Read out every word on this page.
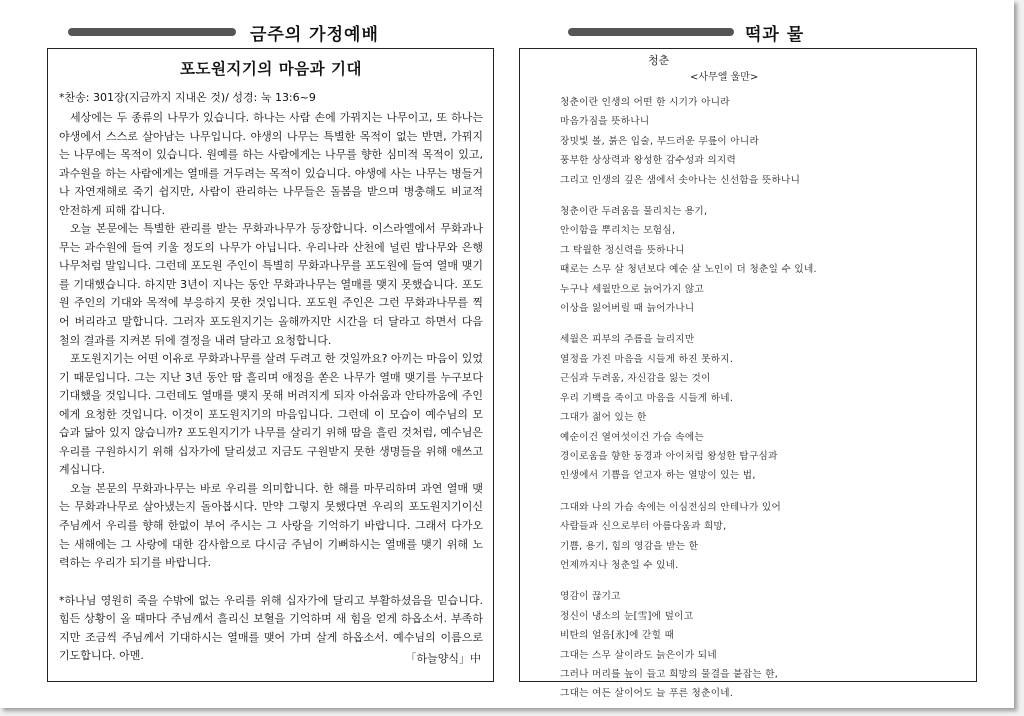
금주의 가정예배	떡과 물
포도원지기의 마음과 기대
*찬송: 301장(지금까지 지내온 것)/ 성경: 눅 13:6~9

세상에는 두 종류의 나무가 있습니다. 하나는 사람 손에 가꿔지는 나무이고, 또 하나는 야생에서 스스로 살아남는 나무입니다. 야생의 나무는 특별한 목적이 없는 반면, 가꿔지는 나무에는 목적이 있습니다. 원예를 하는 사람에게는 나무를 향한 심미적 목적이 있고, 과수원을 하는 사람에게는 열매를 거두려는 목적이 있습니다. 야생에 사는 나무는 병들거나 자연재해로 죽기 쉽지만, 사람이 관리하는 나무들은 돌봄을 받으며 병충해도 비교적 안전하게 피해 갑니다.

오늘 본문에는 특별한 관리를 받는 무화과나무가 등장합니다. 이스라엘에서 무화과나무는 과수원에 들여 키울 정도의 나무가 아닙니다. 우리나라 산천에 널린 밤나무와 은행나무처럼 말입니다. 그런데 포도원 주인이 특별히 무화과나무를 포도원에 들여 열매 맺기를 기대했습니다. 하지만 3년이 지나는 동안 무화과나무는 열매를 맺지 못했습니다. 포도원 주인의 기대와 목적에 부응하지 못한 것입니다. 포도원 주인은 그런 무화과나무를 찍어 버리라고 말합니다. 그러자 포도원지기는 올해까지만 시간을 더 달라고 하면서 다음 철의 결과를 지켜본 뒤에 결정을 내려 달라고 요청합니다.

포도원지기는 어떤 이유로 무화과나무를 살려 두려고 한 것일까요? 아끼는 마음이 있었기 때문입니다. 그는 지난 3년 동안 땀 흘리며 애정을 쏟은 나무가 열매 맺기를 누구보다 기대했을 것입니다. 그런데도 열매를 맺지 못해 버려지게 되자 아쉬움과 안타까움에 주인에게 요청한 것입니다. 이것이 포도원지기의 마음입니다. 그런데 이 모습이 예수님의 모습과 닮아 있지 않습니까? 포도원지기가 나무를 살리기 위해 땀을 흘린 것처럼, 예수님은 우리를 구원하시기 위해 십자가에 달리셨고 지금도 구원받지 못한 생명들을 위해 애쓰고 계십니다.

오늘 본문의 무화과나무는 바로 우리를 의미합니다. 한 해를 마무리하며 과연 열매 맺는 무화과나무로 살아냈는지 돌아봅시다. 만약 그렇지 못했다면 우리의 포도원지기이신 주님께서 우리를 향해 한없이 부어 주시는 그 사랑을 기억하기 바랍니다. 그래서 다가오는 새해에는 그 사랑에 대한 감사함으로 다시금 주님이 기뻐하시는 열매를 맺기 위해 노력하는 우리가 되기를 바랍니다.

*하나님 영원히 죽을 수밖에 없는 우리를 위해 십자가에 달리고 부활하셨음을 믿습니다. 힘든 상황이 올 때마다 주님께서 흘리신 보혈을 기억하며 새 힘을 얻게 하옵소서. 부족하지만 조금씩 주님께서 기대하시는 열매를 맺어 가며 살게 하옵소서. 예수님의 이름으로 기도합니다. 아멘.	「하늘양식」中
청춘
<사무엘 울만>
청춘이란 인생의 어떤 한 시기가 아니라
마음가짐을 뜻하나니
장밋빛 볼, 붉은 입술, 부드러운 무릎이 아니라
풍부한 상상력과 왕성한 감수성과 의지력
그리고 인생의 깊은 샘에서 솟아나는 신선함을 뜻하나니
청춘이란 두려움을 물리치는 용기,
안이함을 뿌리치는 모험심,
그 탁월한 정신력을 뜻하나니
때로는 스무 살 청년보다 예순 살 노인이 더 청춘일 수 있네.
누구나 세월만으로 늙어가지 않고
이상을 잃어버릴 때 늙어가나니
세월은 피부의 주름을 늘리지만
열정을 가진 마음을 시들게 하진 못하지.
근심과 두려움, 자신감을 잃는 것이
우리 기백을 죽이고 마음을 시들게 하네.
그대가 젊어 있는 한
예순이건 열여섯이건 가슴 속에는
경이로움을 향한 동경과 아이처럼 왕성한 탐구심과
인생에서 기쁨을 얻고자 하는 열망이 있는 법,
그대와 나의 가슴 속에는 이심전심의 안테나가 있어
사람들과 신으로부터 아름다움과 희망,
기쁨, 용기, 힘의 영감을 받는 한
언제까지나 청춘일 수 있네.
영감이 끊기고
정신이 냉소의 눈[雪]에 덮이고
비탄의 얼음[氷]에 갇힐 때
그대는 스무 살이라도 늙은이가 되네
그러나 머리를 높이 들고 희망의 물결을 붙잡는 한,
그대는 여든 살이어도 늘 푸른 청춘이네.
